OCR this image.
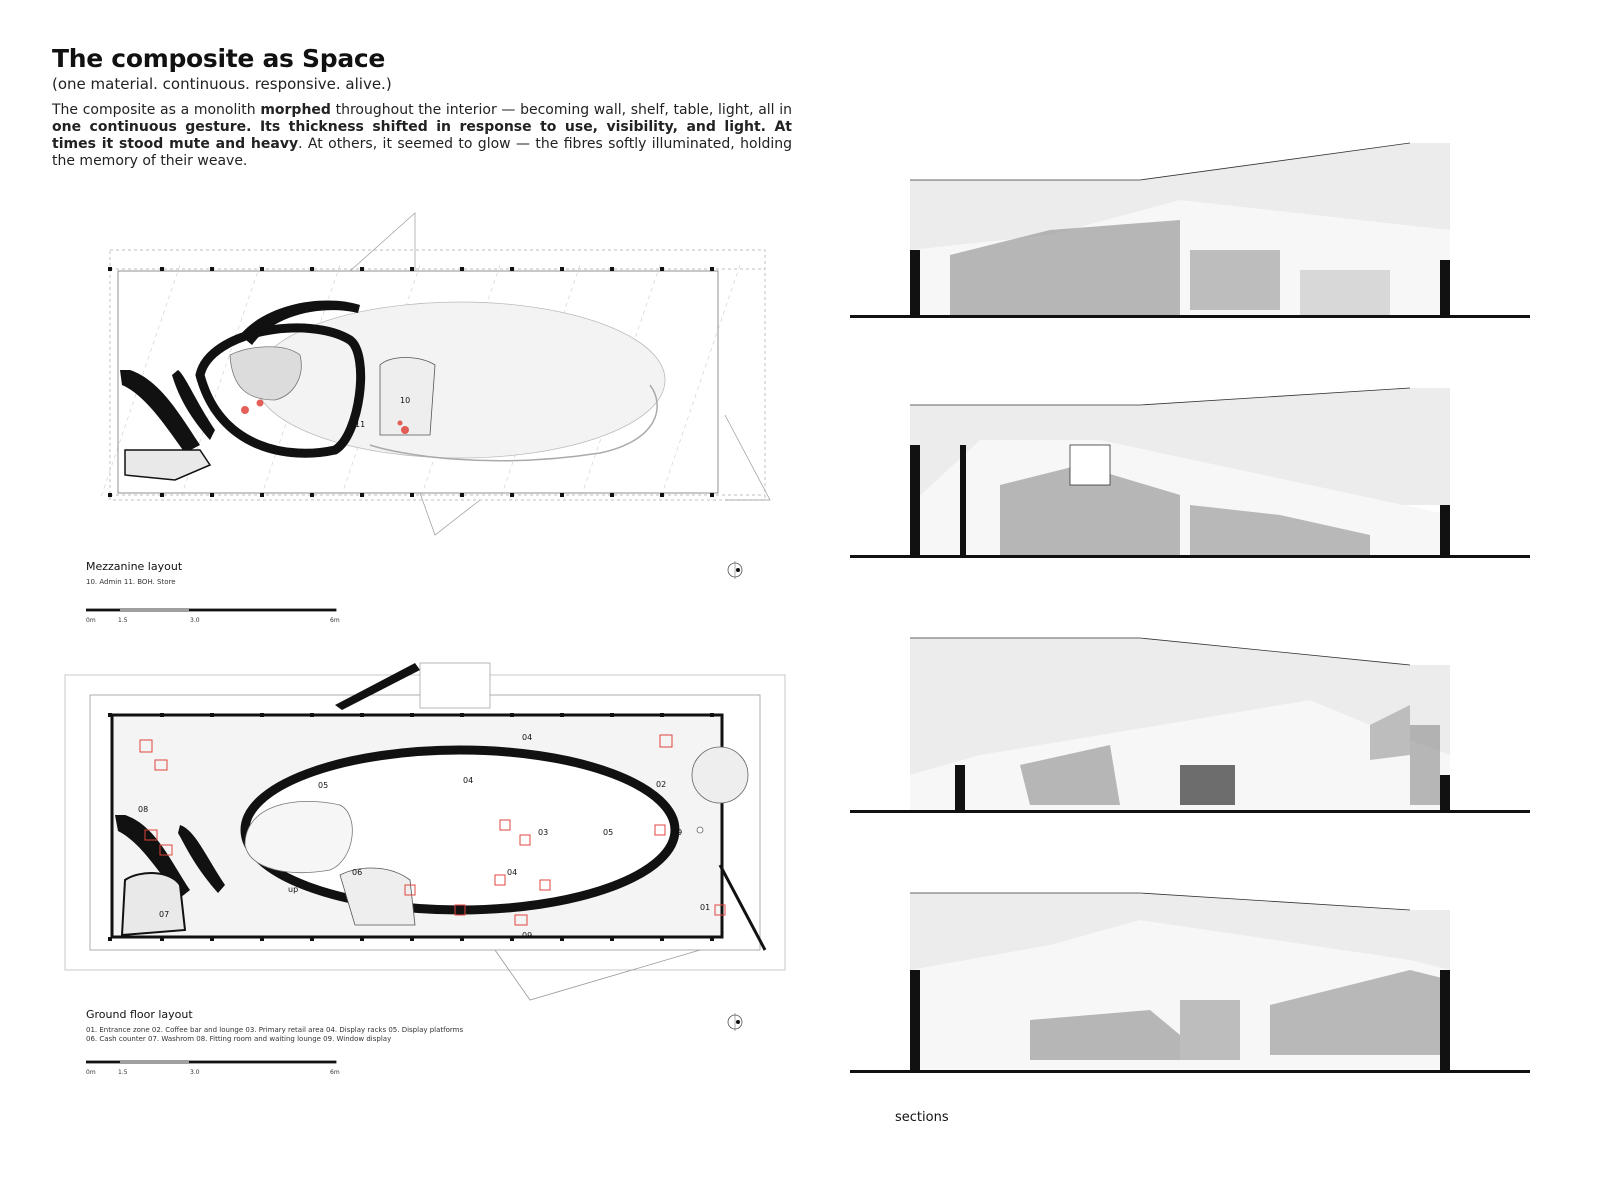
The composite as Space
(one material. continuous. responsive. alive.)
The composite as a monolith morphed throughout the interior — becoming wall, shelf, table, light, all in one continuous gesture. Its thickness shifted in response to use, visibility, and light. At times it stood mute and heavy. At others, it seemed to glow — the fibres softly illuminated, holding the memory of their weave.
dn
10
11
Mezzanine layout
10. Admin 11. BOH. Store
0m	1.5	3.0	6m
01
02
03
04
04
04
05
05
06
07
08
09
09
up
Ground floor layout
01. Entrance zone 02. Coffee bar and lounge 03. Primary retail area 04. Display racks 05. Display platforms
06. Cash counter 07. Washrom 08. Fitting room and waiting lounge 09. Window display
0m	1.5	3.0	6m
sections
